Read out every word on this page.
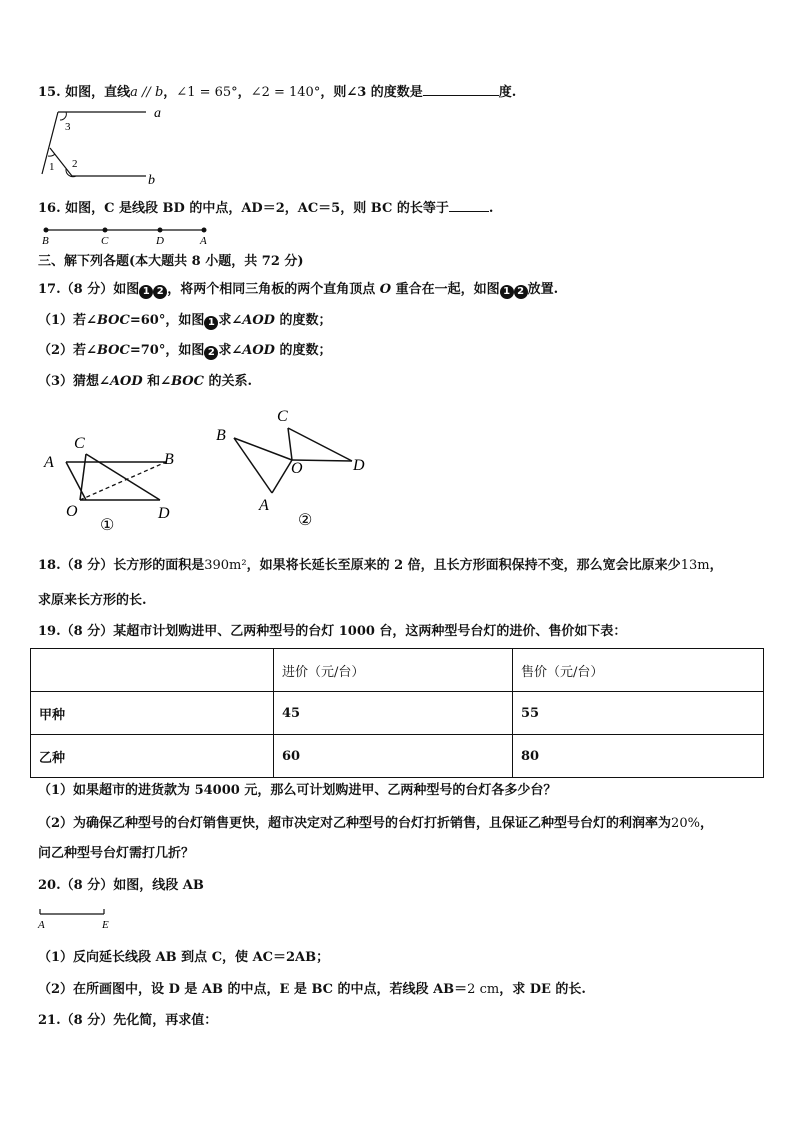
15. 如图，直线a // b，∠1 = 65°，∠2 = 140°，则∠3 的度数是	度.
a
b
1 2
3
16. 如图，C 是线段 BD 的中点，AD＝2，AC＝5，则 BC 的长等于	.
B	C	D	A
三、解下列各题(本大题共 8 小题，共 72 分)
17.（8 分）如图 1 2 ，将两个相同三角板的两个直角顶点 O 重合在一起，如图 1 2 放置.
（1）若∠BOC=60°，如图 1 求∠AOD 的度数；
（2）若∠BOC=70°，如图 2 求∠AOD 的度数；
（3）猜想∠AOD 和∠BOC 的关系.
A
C
B
O	D
①
B
C
O	D
A
②
18.（8 分）长方形的面积是390m²，如果将长延长至原来的 2 倍，且长方形面积保持不变，那么宽会比原来少13m，
求原来长方形的长.
19.（8 分）某超市计划购进甲、乙两种型号的台灯 1000 台，这两种型号台灯的进价、售价如下表：
	进价（元/台）	售价（元/台）
甲种	45	55
乙种	60	80
（1）如果超市的进货款为 54000 元，那么可计划购进甲、乙两种型号的台灯各多少台？
（2）为确保乙种型号的台灯销售更快，超市决定对乙种型号的台灯打折销售，且保证乙种型号台灯的利润率为20%，
问乙种型号台灯需打几折？
20.（8 分）如图，线段 AB
A	E
（1）反向延长线段 AB 到点 C，使 AC＝2AB；
（2）在所画图中，设 D 是 AB 的中点，E 是 BC 的中点，若线段 AB＝2 cm，求 DE 的长.
21.（8 分）先化简，再求值：
